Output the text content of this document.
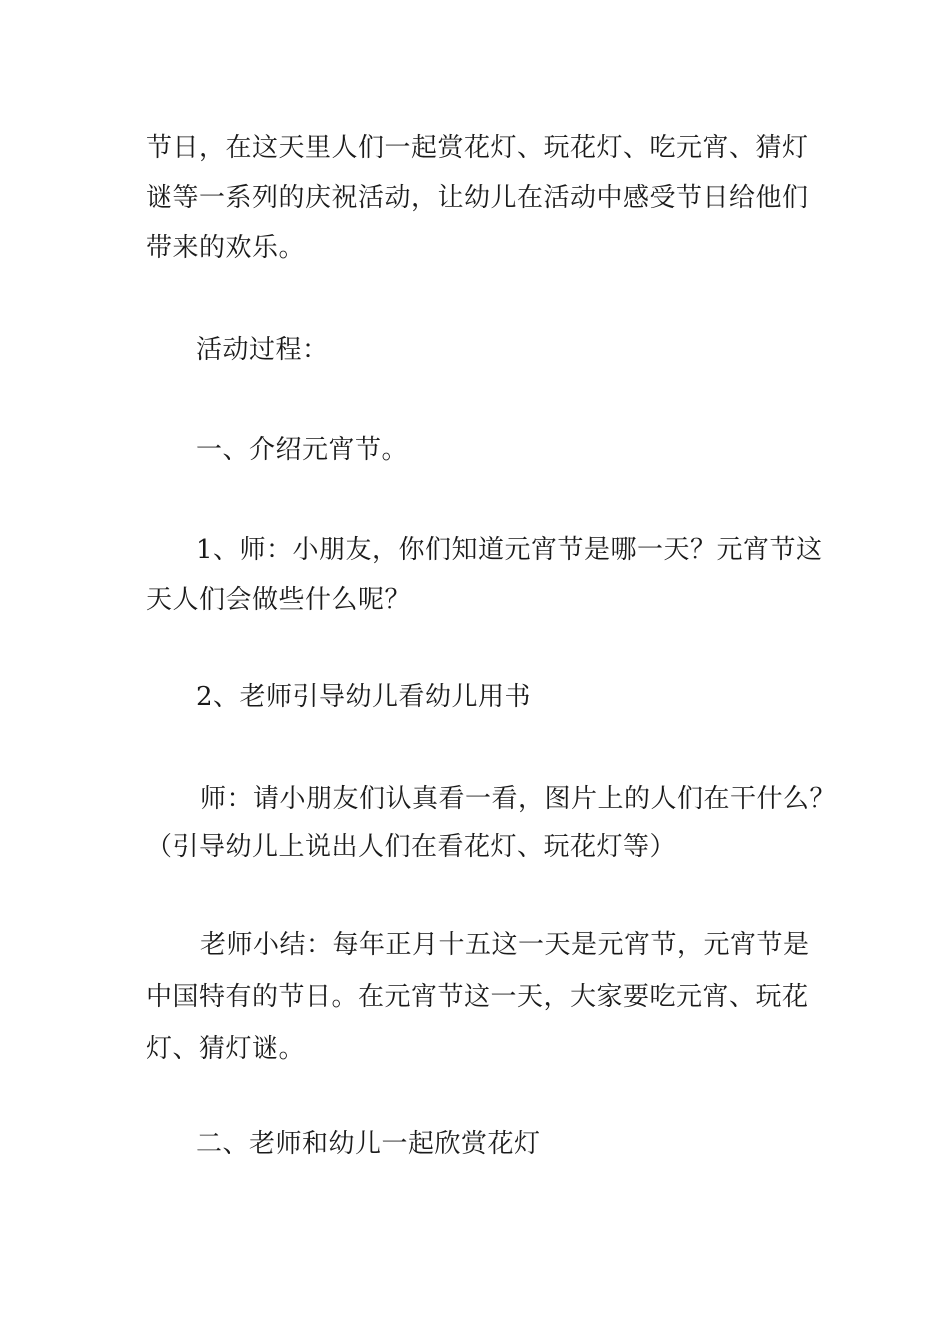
节日，在这天里人们一起赏花灯、玩花灯、吃元宵、猜灯
谜等一系列的庆祝活动，让幼儿在活动中感受节日给他们
带来的欢乐。
活动过程：
一、介绍元宵节。
1、师：小朋友，你们知道元宵节是哪一天？元宵节这
天人们会做些什么呢？
2、老师引导幼儿看幼儿用书
师：请小朋友们认真看一看，图片上的人们在干什么？
（引导幼儿上说出人们在看花灯、玩花灯等）
老师小结：每年正月十五这一天是元宵节，元宵节是
中国特有的节日。在元宵节这一天，大家要吃元宵、玩花
灯、猜灯谜。
二、老师和幼儿一起欣赏花灯
